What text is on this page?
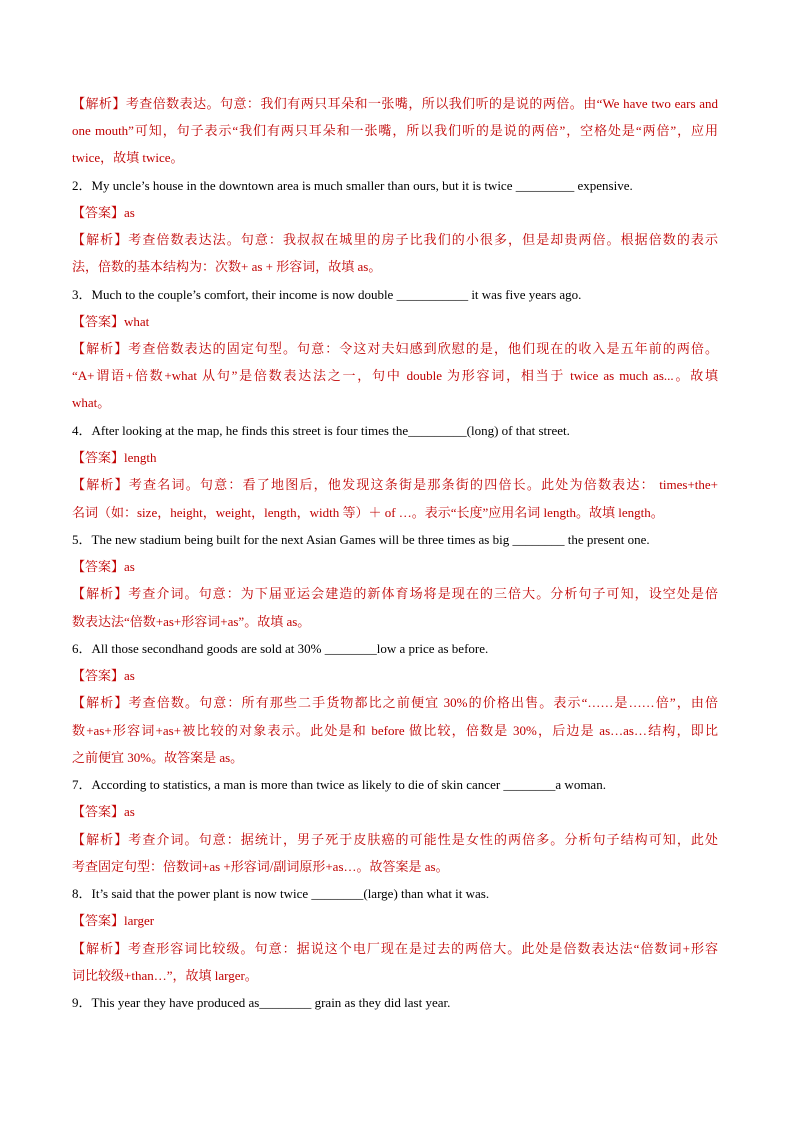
【解析】考查倍数表达。句意：我们有两只耳朵和一张嘴，所以我们听的是说的两倍。由“We have two ears and
one mouth”可知，句子表示“我们有两只耳朵和一张嘴，所以我们听的是说的两倍”，空格处是“两倍”，应用
twice，故填 twice。
2．My uncle’s house in the downtown area is much smaller than ours, but it is twice _________ expensive.
【答案】as
【解析】考查倍数表达法。句意：我叔叔在城里的房子比我们的小很多，但是却贵两倍。根据倍数的表示
法，倍数的基本结构为：次数+ as + 形容词，故填 as。
3．Much to the couple’s comfort, their income is now double ___________ it was five years ago.
【答案】what
【解析】考查倍数表达的固定句型。句意：令这对夫妇感到欣慰的是，他们现在的收入是五年前的两倍。
“A+谓语+倍数+what 从句”是倍数表达法之一，句中 double 为形容词，相当于 twice as much as...。故填
what。
4．After looking at the map, he finds this street is four times the_________(long) of that street.
【答案】length
【解析】考查名词。句意：看了地图后，他发现这条街是那条街的四倍长。此处为倍数表达： times+the+
名词（如：size，height，weight，length，width 等）＋ of …。表示“长度”应用名词 length。故填 length。
5．The new stadium being built for the next Asian Games will be three times as big ________ the present one.
【答案】as
【解析】考查介词。句意：为下届亚运会建造的新体育场将是现在的三倍大。分析句子可知，设空处是倍
数表达法“倍数+as+形容词+as”。故填 as。
6．All those secondhand goods are sold at 30% ________low a price as before.
【答案】as
【解析】考查倍数。句意：所有那些二手货物都比之前便宜 30%的价格出售。表示“……是……倍”，由倍
数+as+形容词+as+被比较的对象表示。此处是和 before 做比较，倍数是 30%，后边是 as…as…结构，即比
之前便宜 30%。故答案是 as。
7．According to statistics, a man is more than twice as likely to die of skin cancer ________a woman.
【答案】as
【解析】考查介词。句意：据统计，男子死于皮肤癌的可能性是女性的两倍多。分析句子结构可知，此处
考查固定句型：倍数词+as +形容词/副词原形+as…。故答案是 as。
8．It’s said that the power plant is now twice ________(large) than what it was.
【答案】larger
【解析】考查形容词比较级。句意：据说这个电厂现在是过去的两倍大。此处是倍数表达法“倍数词+形容
词比较级+than…”，故填 larger。
9．This year they have produced as________ grain as they did last year.
